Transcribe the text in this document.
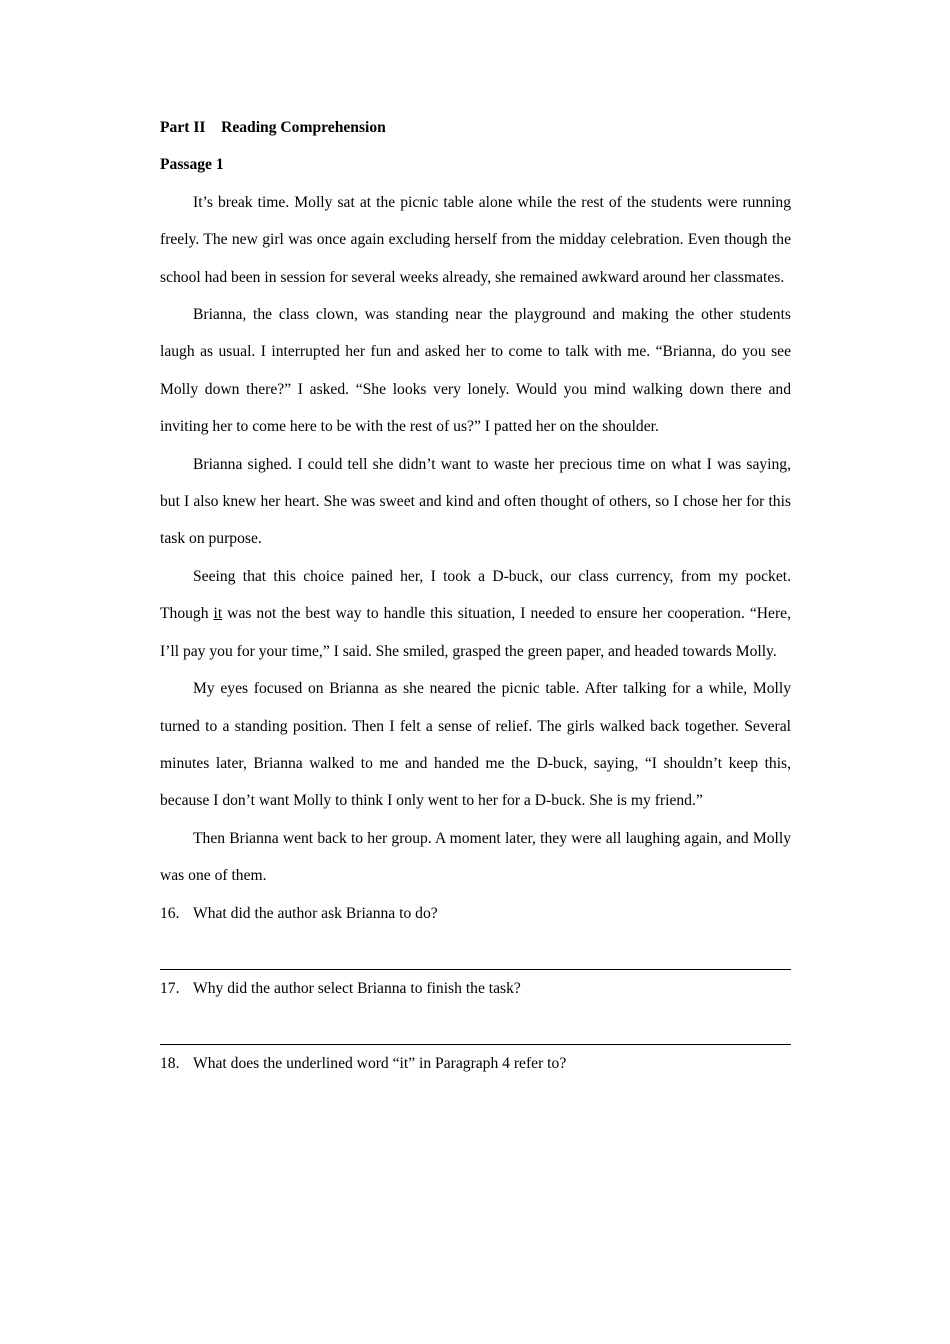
Part II    Reading Comprehension

Passage 1

It’s break time. Molly sat at the picnic table alone while the rest of the students were running freely. The new girl was once again excluding herself from the midday celebration. Even though the school had been in session for several weeks already, she remained awkward around her classmates.

Brianna, the class clown, was standing near the playground and making the other students laugh as usual. I interrupted her fun and asked her to come to talk with me. “Brianna, do you see Molly down there?” I asked. “She looks very lonely. Would you mind walking down there and inviting her to come here to be with the rest of us?” I patted her on the shoulder.

Brianna sighed. I could tell she didn’t want to waste her precious time on what I was saying, but I also knew her heart. She was sweet and kind and often thought of others, so I chose her for this task on purpose.

Seeing that this choice pained her, I took a D-buck, our class currency, from my pocket. Though it was not the best way to handle this situation, I needed to ensure her cooperation. “Here, I’ll pay you for your time,” I said. She smiled, grasped the green paper, and headed towards Molly.

My eyes focused on Brianna as she neared the picnic table. After talking for a while, Molly turned to a standing position. Then I felt a sense of relief. The girls walked back together. Several minutes later, Brianna walked to me and handed me the D-buck, saying, “I shouldn’t keep this, because I don’t want Molly to think I only went to her for a D-buck. She is my friend.”

Then Brianna went back to her group. A moment later, they were all laughing again, and Molly was one of them.

16. What did the author ask Brianna to do?

17. Why did the author select Brianna to finish the task?

18. What does the underlined word “it” in Paragraph 4 refer to?
